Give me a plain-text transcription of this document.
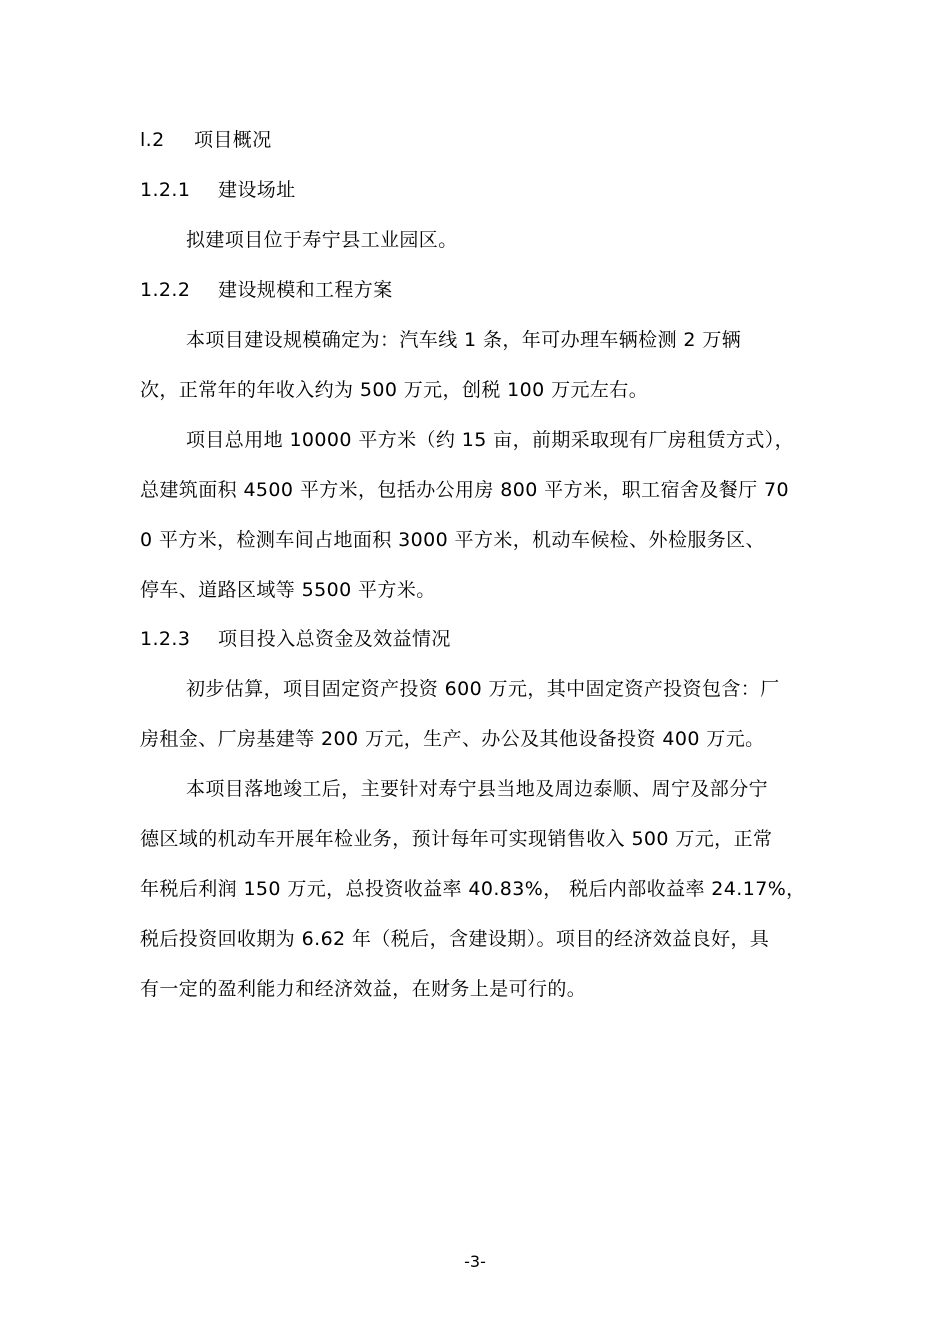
l.2 项目概况
1.2.1 建设场址
拟建项目位于寿宁县工业园区。
1.2.2 建设规模和工程方案
本项目建设规模确定为：汽车线 1 条，年可办理车辆检测 2 万辆
次，正常年的年收入约为 500 万元，创税 100 万元左右。
项目总用地 10000 平方米（约 15 亩，前期采取现有厂房租赁方式），
总建筑面积 4500 平方米，包括办公用房 800 平方米，职工宿舍及餐厅 70
0 平方米，检测车间占地面积 3000 平方米，机动车候检、外检服务区、
停车、道路区域等 5500 平方米。
1.2.3 项目投入总资金及效益情况
初步估算，项目固定资产投资 600 万元，其中固定资产投资包含：厂
房租金、厂房基建等 200 万元，生产、办公及其他设备投资 400 万元。
本项目落地竣工后，主要针对寿宁县当地及周边泰顺、周宁及部分宁
德区域的机动车开展年检业务，预计每年可实现销售收入 500 万元，正常
年税后利润 150 万元，总投资收益率 40.83%， 税后内部收益率 24.17%，
税后投资回收期为 6.62 年（税后，含建设期）。项目的经济效益良好，具
有一定的盈利能力和经济效益，在财务上是可行的。
-3-
